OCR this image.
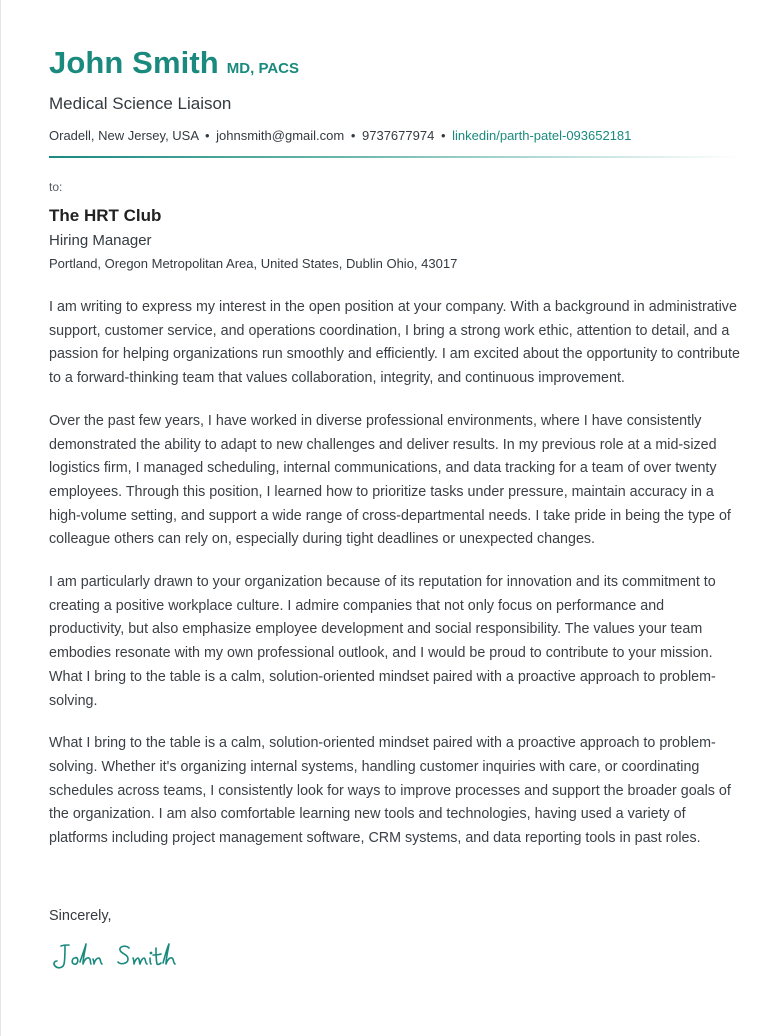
John Smith MD, PACS
Medical Science Liaison
Oradell, New Jersey, USA • johnsmith@gmail.com • 9737677974 • linkedin/parth-patel-093652181
to:
The HRT Club
Hiring Manager
Portland, Oregon Metropolitan Area, United States, Dublin Ohio, 43017

I am writing to express my interest in the open position at your company. With a background in administrative support, customer service, and operations coordination, I bring a strong work ethic, attention to detail, and a passion for helping organizations run smoothly and efficiently. I am excited about the opportunity to contribute to a forward-thinking team that values collaboration, integrity, and continuous improvement.

Over the past few years, I have worked in diverse professional environments, where I have consistently demonstrated the ability to adapt to new challenges and deliver results. In my previous role at a mid-sized logistics firm, I managed scheduling, internal communications, and data tracking for a team of over twenty employees. Through this position, I learned how to prioritize tasks under pressure, maintain accuracy in a high-volume setting, and support a wide range of cross-departmental needs. I take pride in being the type of colleague others can rely on, especially during tight deadlines or unexpected changes.

I am particularly drawn to your organization because of its reputation for innovation and its commitment to creating a positive workplace culture. I admire companies that not only focus on performance and productivity, but also emphasize employee development and social responsibility. The values your team embodies resonate with my own professional outlook, and I would be proud to contribute to your mission. What I bring to the table is a calm, solution-oriented mindset paired with a proactive approach to problem-solving.

What I bring to the table is a calm, solution-oriented mindset paired with a proactive approach to problem-solving. Whether it's organizing internal systems, handling customer inquiries with care, or coordinating schedules across teams, I consistently look for ways to improve processes and support the broader goals of the organization. I am also comfortable learning new tools and technologies, having used a variety of platforms including project management software, CRM systems, and data reporting tools in past roles.

Sincerely,
